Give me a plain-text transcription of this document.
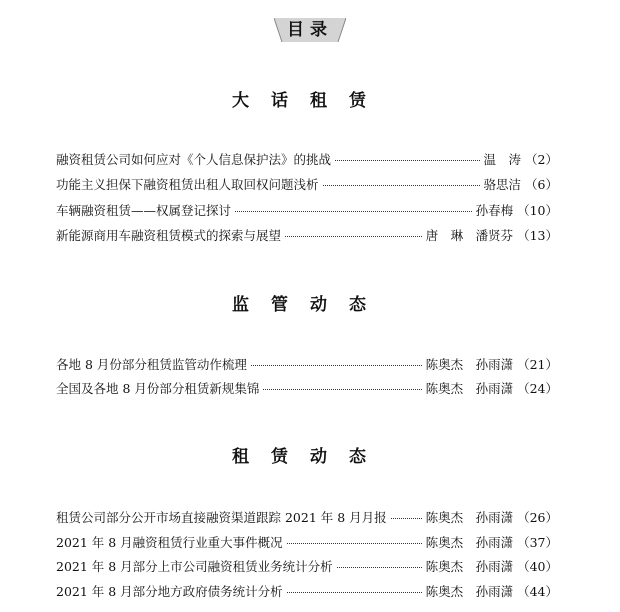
目录
大话租赁
融资租赁公司如何应对《个人信息保护法》的挑战	温　涛 （2）
功能主义担保下融资租赁出租人取回权问题浅析	骆思洁 （6）
车辆融资租赁——权属登记探讨	孙春梅 （10）
新能源商用车融资租赁模式的探索与展望	唐　琳　潘贤芬 （13）
监管动态
各地 8 月份部分租赁监管动作梳理	陈奥杰　孙雨潇 （21）
全国及各地 8 月份部分租赁新规集锦	陈奥杰　孙雨潇 （24）
租赁动态
租赁公司部分公开市场直接融资渠道跟踪 2021 年 8 月月报	陈奥杰　孙雨潇 （26）
2021 年 8 月融资租赁行业重大事件概况	陈奥杰　孙雨潇 （37）
2021 年 8 月部分上市公司融资租赁业务统计分析	陈奥杰　孙雨潇 （40）
2021 年 8 月部分地方政府债务统计分析	陈奥杰　孙雨潇 （44）
